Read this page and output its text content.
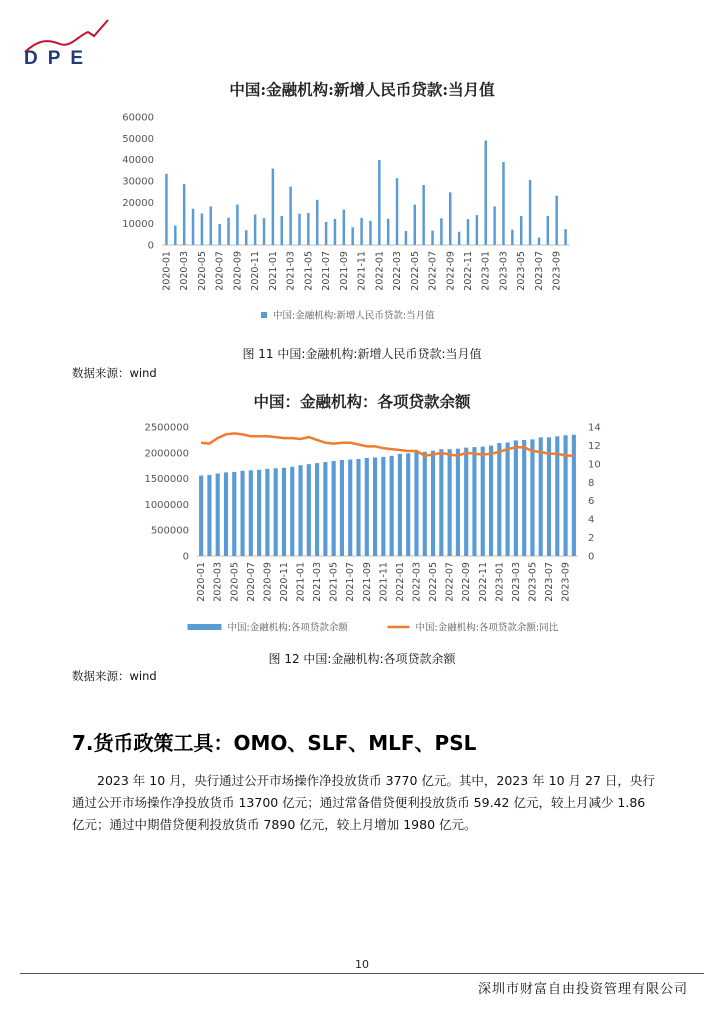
DPE
中国:金融机构:新增人民币贷款:当月值
0
10000
20000
30000
40000
50000
60000
2020-01 2020-03 2020-05 2020-07 2020-09 2020-11 2021-01 2021-03 2021-05 2021-07 2021-09 2021-11 2022-01 2022-03 2022-05 2022-07 2022-09 2022-11 2023-01 2023-03 2023-05 2023-07 2023-09
中国:金融机构:新增人民币贷款:当月值
图 11 中国:金融机构:新增人民币贷款:当月值
数据来源：wind
中国：金融机构：各项贷款余额
0
500000
1000000
1500000
2000000
2500000
0
2
4
6
8
10
12
14
2020-01 2020-03 2020-05 2020-07 2020-09 2020-11 2021-01 2021-03 2021-05 2021-07 2021-09 2021-11 2022-01 2022-03 2022-05 2022-07 2022-09 2022-11 2023-01 2023-03 2023-05 2023-07 2023-09
中国:金融机构:各项贷款余额	中国:金融机构:各项贷款余额:同比
图 12 中国:金融机构:各项贷款余额
数据来源：wind
7.货币政策工具：OMO、SLF、MLF、PSL

2023 年 10 月，央行通过公开市场操作净投放货币 3770 亿元。其中，2023 年 10 月 27 日，央行通过公开市场操作净投放货币 13700 亿元；通过常备借贷便利投放货币 59.42 亿元，较上月减少 1.86 亿元；通过中期借贷便利投放货币 7890 亿元，较上月增加 1980 亿元。

10
深圳市财富自由投资管理有限公司
